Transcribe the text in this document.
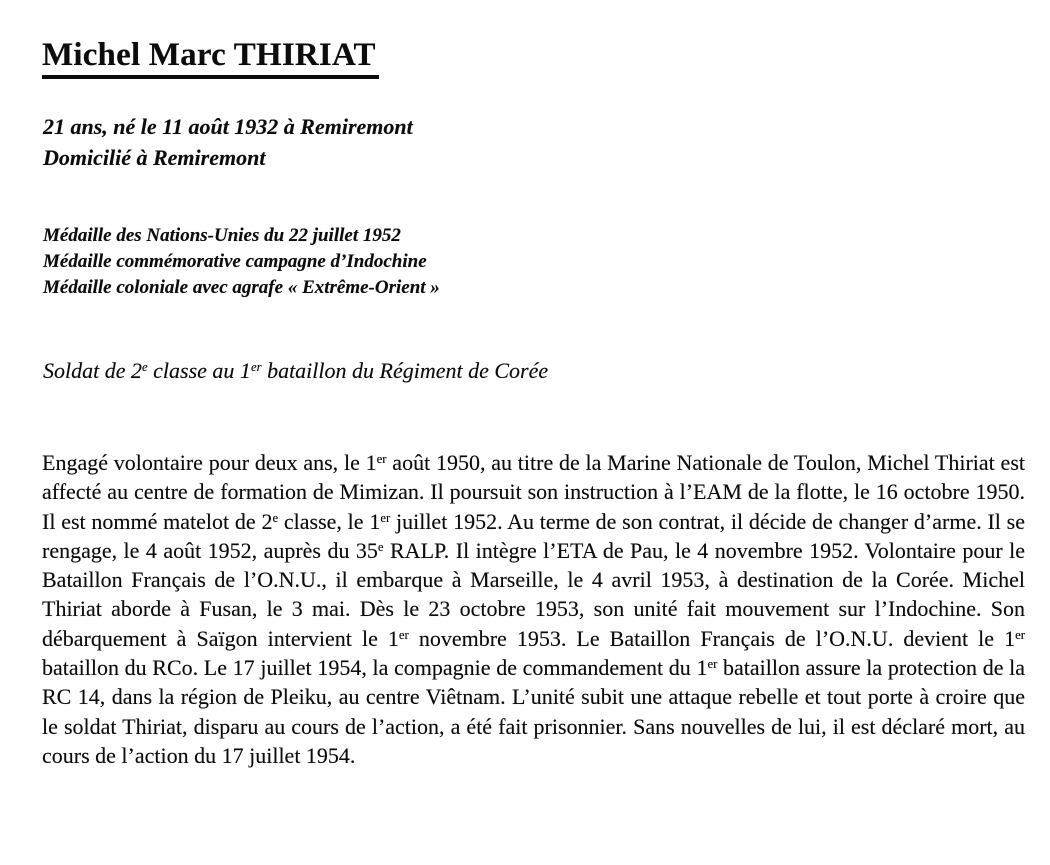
Michel Marc THIRIAT

21 ans, né le 11 août 1932 à Remiremont

Domicilié à Remiremont

Médaille des Nations-Unies du 22 juillet 1952

Médaille commémorative campagne d’Indochine

Médaille coloniale avec agrafe « Extrême-Orient »

Soldat de 2e classe au 1er bataillon du Régiment de Corée

Engagé volontaire pour deux ans, le 1er août 1950, au titre de la Marine Nationale de Toulon, Michel Thiriat est affecté au centre de formation de Mimizan. Il poursuit son instruction à l’EAM de la flotte, le 16 octobre 1950. Il est nommé matelot de 2e classe, le 1er juillet 1952. Au terme de son contrat, il décide de changer d’arme. Il se rengage, le 4 août 1952, auprès du 35e RALP. Il intègre l’ETA de Pau, le 4 novembre 1952. Volontaire pour le Bataillon Français de l’O.N.U., il embarque à Marseille, le 4 avril 1953, à destination de la Corée. Michel Thiriat aborde à Fusan, le 3 mai. Dès le 23 octobre 1953, son unité fait mouvement sur l’Indochine. Son débarquement à Saïgon intervient le 1er novembre 1953. Le Bataillon Français de l’O.N.U. devient le 1er bataillon du RCo. Le 17 juillet 1954, la compagnie de commandement du 1er bataillon assure la protection de la RC 14, dans la région de Pleiku, au centre Viêtnam. L’unité subit une attaque rebelle et tout porte à croire que le soldat Thiriat, disparu au cours de l’action, a été fait prisonnier. Sans nouvelles de lui, il est déclaré mort, au cours de l’action du 17 juillet 1954.
